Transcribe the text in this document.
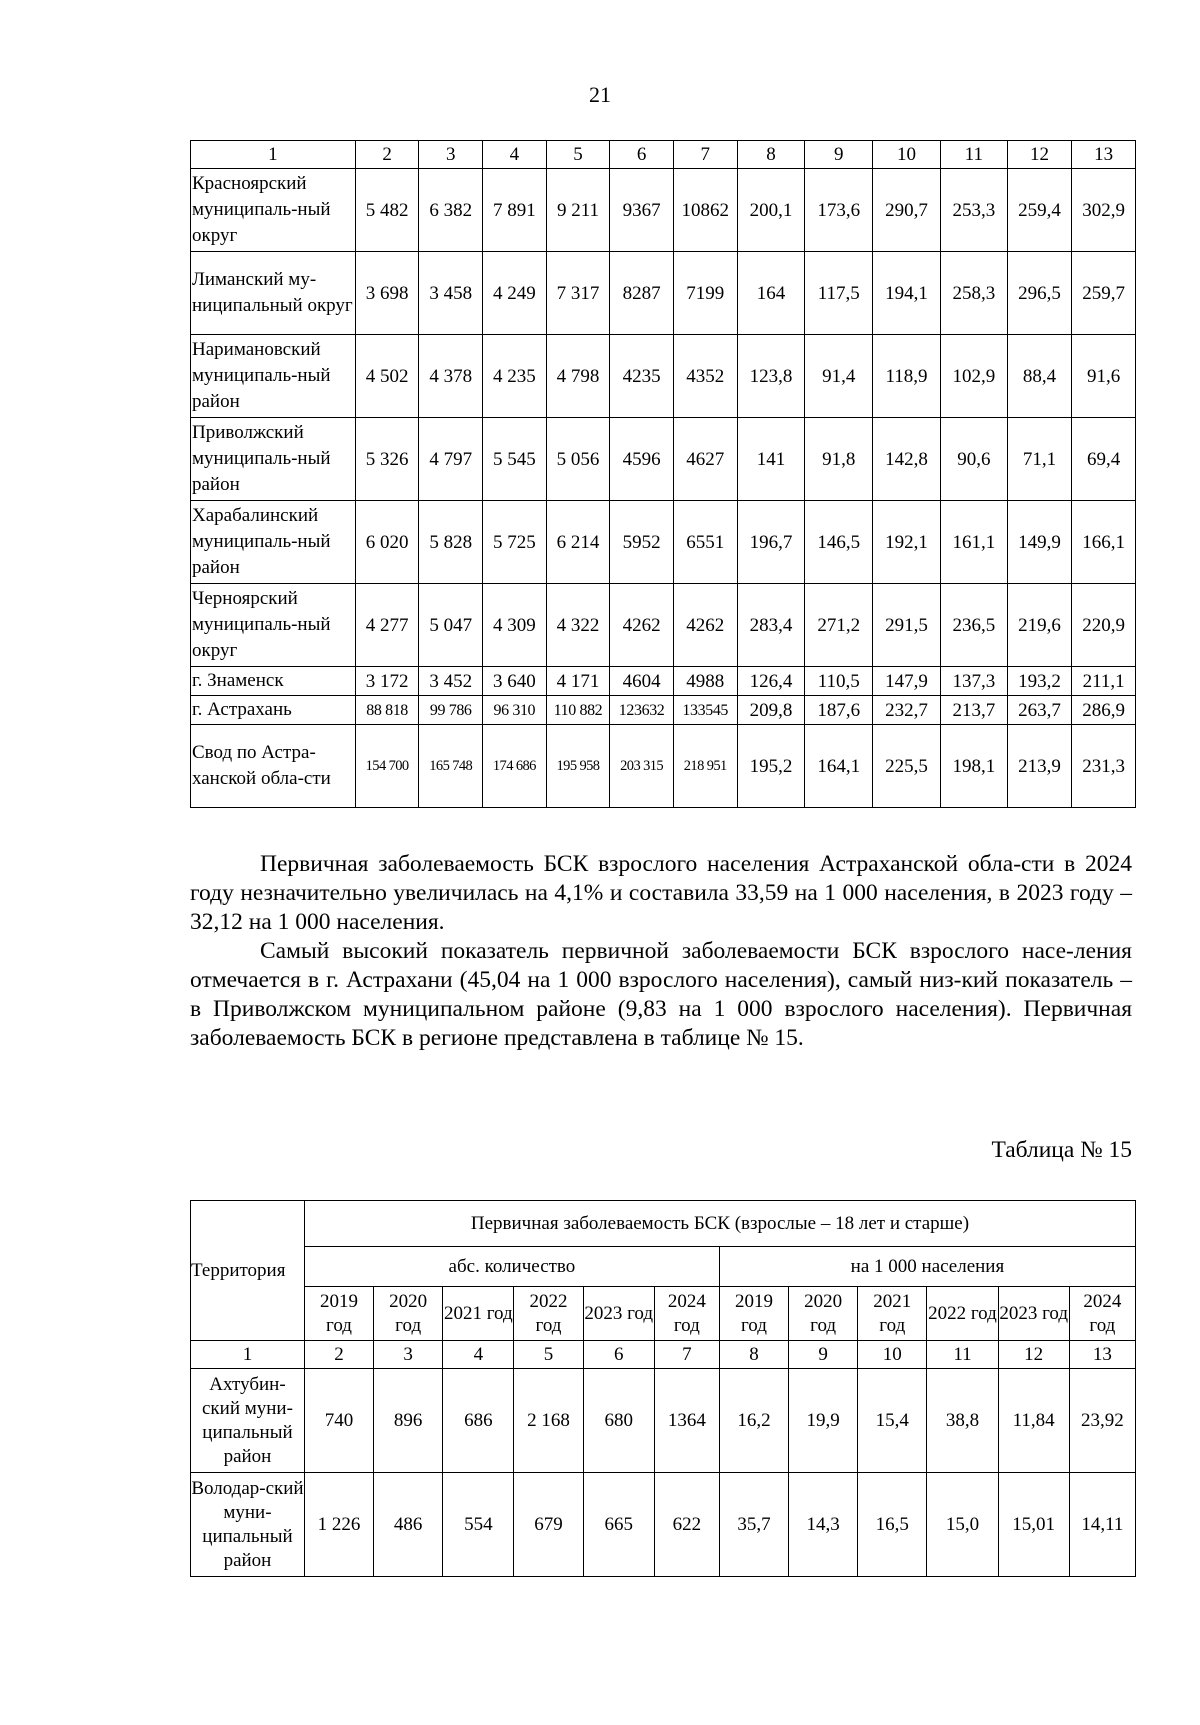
21
1	2	3	4	5	6	7	8	9	10	11	12	13
Красноярский муниципаль-ный округ	5 482	6 382	7 891	9 211	9367	10862	200,1	173,6	290,7	253,3	259,4	302,9
Лиманский му-ниципальный округ	3 698	3 458	4 249	7 317	8287	7199	164	117,5	194,1	258,3	296,5	259,7
Наримановский муниципаль-ный район	4 502	4 378	4 235	4 798	4235	4352	123,8	91,4	118,9	102,9	88,4	91,6
Приволжский муниципаль-ный район	5 326	4 797	5 545	5 056	4596	4627	141	91,8	142,8	90,6	71,1	69,4
Харабалинский муниципаль-ный район	6 020	5 828	5 725	6 214	5952	6551	196,7	146,5	192,1	161,1	149,9	166,1
Черноярский муниципаль-ный округ	4 277	5 047	4 309	4 322	4262	4262	283,4	271,2	291,5	236,5	219,6	220,9
г. Знаменск	3 172	3 452	3 640	4 171	4604	4988	126,4	110,5	147,9	137,3	193,2	211,1
г. Астрахань	88 818	99 786	96 310	110 882	123632	133545	209,8	187,6	232,7	213,7	263,7	286,9
Свод по Астра-ханской обла-сти	154 700	165 748	174 686	195 958	203 315	218 951	195,2	164,1	225,5	198,1	213,9	231,3

Первичная заболеваемость БСК взрослого населения Астраханской обла-сти в 2024 году незначительно увеличилась на 4,1% и составила 33,59 на 1 000 населения, в 2023 году – 32,12 на 1 000 населения.

Самый высокий показатель первичной заболеваемости БСК взрослого насе-ления отмечается в г. Астрахани (45,04 на 1 000 взрослого населения), самый низ-кий показатель – в Приволжском муниципальном районе (9,83 на 1 000 взрослого населения). Первичная заболеваемость БСК в регионе представлена в таблице № 15.

Таблица № 15
Территория	Первичная заболеваемость БСК (взрослые – 18 лет и старше)											
	абс. количество						на 1 000 населения					
	2019 год	2020 год	2021 год	2022 год	2023 год	2024 год	2019 год	2020 год	2021 год	2022 год	2023 год	2024 год
1	2	3	4	5	6	7	8	9	10	11	12	13
Ахтубин-ский муни-ципальный район	740	896	686	2 168	680	1364	16,2	19,9	15,4	38,8	11,84	23,92
Володар-ский муни-ципальный район	1 226	486	554	679	665	622	35,7	14,3	16,5	15,0	15,01	14,11
